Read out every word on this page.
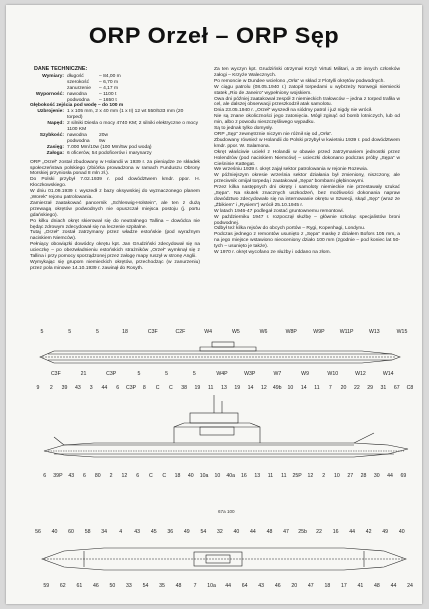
ORP Orzeł – ORP Sęp
DANE TECHNICZNE:
Wymiary: długość	– 84,00 m
szerokość	– 6,70 m
zanurzenie	– 4,17 m
Wyporność: nawodna	– 1100 t
podwodna	– 1650 t
Głębokość zejścia pod wodę – do 100 m
Uzbrojenie: 1 x 105 mm, 2 x 40 mm (1 x II) 12 wt 550/533 mm (20 torped)
Napęd: 2 silniki Diesla o mocy 4740 KM; 2 silniki elektryczne o mocy 1100 KM
Szybkość: nawodna	20w
podwodna	9w
Zasięg: 7.000 Mm/10w (100 Mm/5w pod wodą)
Załoga: 6 oficerów, 54 podoficerów i marynarzy

ORP „Orzeł” został zbudowany w Holandii w 1939 r. za pieniądze ze składek społeczeństwa polskiego (zbiórka prowadzona w ramach Funduszu Obrony Morskiej przyniosła ponad 8 mln zł.).

Do Polski przybył 7.02.1939 r. pod dowództwem kmdr. ppor. H. Kłoczkowskiego.

W dniu 01.09.1939 r. wyszedł z bazy oksywskiej do wyznaczonego planem „Worek” rejonu patrolowania.

Zamierzał zaatakować pancernik „Schleswig-Holstein”, ale ten z dużą przewagą okrętów podwodnych nie opuszczał miejsca postoju (j. portu gdańskiego).

Po kilku dniach okręt skierował się do neutralnego Tallina – dowódca nie będąc zdrowym zdecydował się na leczenie szpitalne.

Tutaj „Orzeł” został zatrzymany przez władze estońskie (pod wyraźnym naciskiem Niemców).

Pełniący obowiązki dowódcy okrętu kpt. Jan Grudziński zdecydował się na ucieczkę – po obezwładnieniu estońskich strażników „Orzeł” wymknął się z Tallina i przy pomocy sporządzonej przez załogę mapy ruszył w stronę Anglii.

Wymykając się grupom niemieckich okrętów, przechodząc (w zanurzeniu) przez pola minowe 14.10.1939 r. zawinął do Rosyth.

Za ten wyczyn kpt. Grudziński otrzymał Krzyż Virtuti Militari, a 20 innych członków załogi – Krzyże Walecznych.

Po remoncie w Dundee wcielono „Orła” w skład 2 Flotylli okrętów podwodnych.

W ciągu patrolu (08.05.1940 r.) zatopił torpedami u wybrzeży Norwegii niemiecki statek „Rio de Janeiro” wypełniony wojskiem.

Owa dni później zaatakował zespół 3 niemieckich trałowców – jedna z torped trafiła w cel, ale dalszej obserwacji przeszkodził atak samolotu.

Dnia 23.05.1940 r. „Orzeł” wyszedł na siódmy patrol i już nigdy nie wrócił.

Nie są znane okoliczności jego zatonięcia. Mógł zginąć od bomb lotniczych, lub od min, albo z powodu nieszczęśliwego wypadku.

Są to jednak tylko domysły.

ORP „Sęp” zewnętrznie niczym nie różnił się od „Orła”.

Zbudowany również w Holandii do Polski przybył w kwietniu 1939 r. pod dowództwem kmdr. ppor. W. Salamona.

Okręt właściwie uciekł z Holandii w obawie przed zatrzymaniem jednostki przez Holendrów (pod naciskiem Niemców) – ucieczki dokonano podczas próby „Sępa” w Cieśninie Kattegat.

We wrześniu 1939 r. okręt zajął sektor patrolowania w rejonie Rozewia.

W późniejszym okresie września sektor działania był zmieniony, niszczony, ale przeciwnik omijał torpedą i zaatakował „Sępa” bombami głębinowymi.

Przez kilka następnych dni okręty i samoloty niemieckie nie przestawały szukać „Sępa”. Na skutek znacznych uszkodzeń, bez możliwości dokonania napraw dowództwo zdecydowało się na internowanie okrętu w Szwecji, skąd „Sęp” (wraz ze „Żbikiem” i „Rysiem”) wrócił 25.10.1945 r.

W latach 1946-47 podlegał zostać gruntownemu remontowi.

W październiku 1947 r. rozpoczął służbę – głównie szkoląc specjalistów broni podwodnej.

Odbył też kilka rejsów do obcych portów – Rygi, Kopenhagi, Londynu.

Podczas jednego z remontów usunięto z „Sępa” maskę z działem Bofors 105 mm, a na jego miejsce wstawiono nieoceniony działo 100 mm (zgodnie – pod koniec lat 50-tych – usunięto je także).

W 1970 r. okręt wycofano ze służby i oddano na złom.

67a 100
5
C3F
5
21
5
C3P
18
5
C3F
5
C2F
5
W4
W4P
W5
W3P
W6
W7
W8P
W9
W9P
W10
W11P
W12
W13
W14
W15
9
6
2
39P
39
43
43
6
3
80
44
2
6
12
C3P
6
8
C
C
C
C
18
38
40
19
10a
11
10
13
40a
19
16
14
13
12
11
49b
11
10
25P
14
12
11
2
7
10
20
27
22
28
29
30
31
44
67
69
C8
56
59
40
62
60
61
58
46
34
50
4
33
43
54
45
35
36
48
49
7
54
10a
32
44
40
64
44
43
48
46
47
20
25b
47
22
18
16
17
44
41
42
48
49
44
40
24
